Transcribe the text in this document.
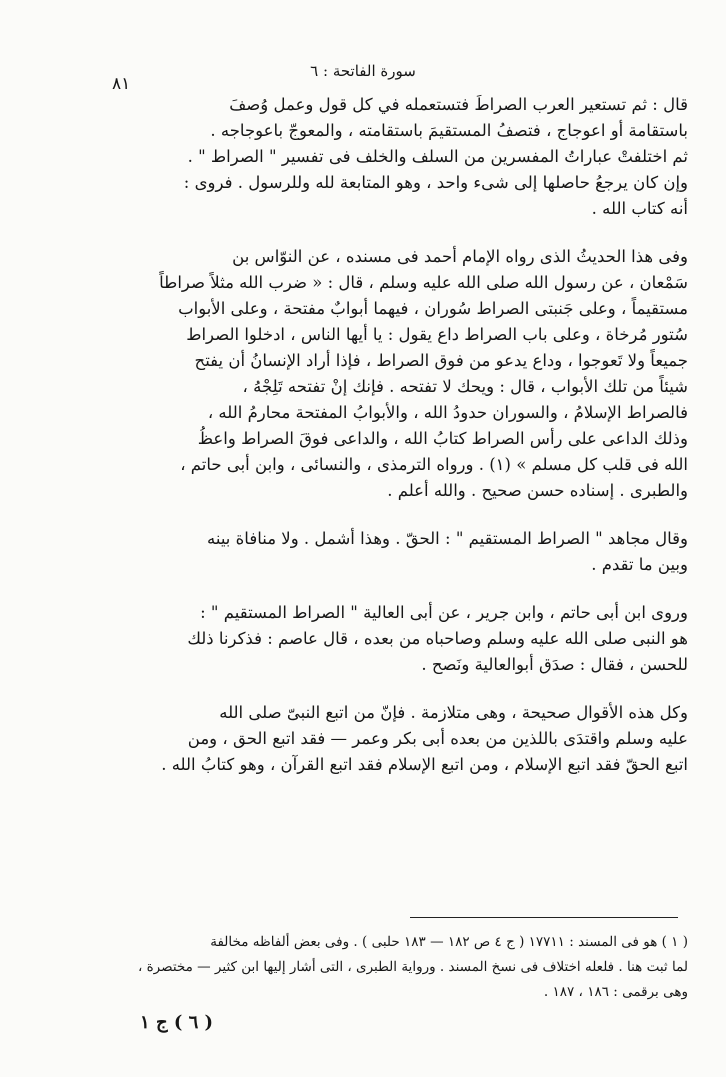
سورة الفاتحة : ٦
٨١
قال : ثم تستعير العرب الصراطَ فتستعمله في كل قول وعمل وُصفَ
باستقامة أو اعوجاج ، فتصفُ المستقيمَ باستقامته ، والمعوجّ باعوجاجه .
ثم اختلفتْ عباراتُ المفسرين من السلف والخلف فى تفسير " الصراط " .
وإن كان يرجعُ حاصلها إلى شىء واحد ، وهو المتابعة لله وللرسول . فروى :
أنه كتاب الله .
وفى هذا الحديثُ الذى رواه الإمام أحمد فى مسنده ، عن النوّاس بن
سَمْعان ، عن رسول الله صلى الله عليه وسلم ، قال : « ضرب الله مثلاً صراطاً
مستقيماً ، وعلى جَنبتى الصراط سُوران ، فيهما أبوابٌ مفتحة ، وعلى الأبواب
سُتور مُرخاة ، وعلى باب الصراط داع يقول : يا أيها الناس ، ادخلوا الصراط
جميعاً ولا تَعوجوا ، وداع يدعو من فوق الصراط ، فإذا أراد الإنسانُ أن يفتح
شيئاً من تلك الأبواب ، قال : ويحك لا تفتحه . فإنك إنْ تفتحه تَلِجْهُ ،
فالصراط الإسلامُ ، والسوران حدودُ الله ، والأبوابُ المفتحة محارمُ الله ،
وذلك الداعى على رأس الصراط كتابُ الله ، والداعى فوقَ الصراط واعظُ
الله فى قلب كل مسلم » (١) . ورواه الترمذى ، والنسائى ، وابن أبى حاتم ،
والطبرى . إسناده حسن صحيح . والله أعلم .
وقال مجاهد " الصراط المستقيم " : الحقّ . وهذا أشمل . ولا منافاة بينه
وبين ما تقدم .
وروى ابن أبى حاتم ، وابن جرير ، عن أبى العالية " الصراط المستقيم " :
هو النبى صلى الله عليه وسلم وصاحباه من بعده ، قال عاصم : فذكرنا ذلك
للحسن ، فقال : صدَق أبوالعالية ونَصح .
وكل هذه الأقوال صحيحة ، وهى متلازمة . فإنّ من اتبع النبىّ صلى الله
عليه وسلم واقتدَى باللذين من بعده أبى بكر وعمر — فقد اتبع الحق ، ومن
اتبع الحقّ فقد اتبع الإسلام ، ومن اتبع الإسلام فقد اتبع القرآن ، وهو كتابُ الله .
( ١ ) هو فى المسند : ١٧٧١١ ( ج ٤ ص ١٨٢ — ١٨٣ حلبى ) . وفى بعض ألفاظه مخالفة
لما ثبت هنا . فلعله اختلاف فى نسخ المسند . ورواية الطبرى ، التى أشار إليها ابن كثير — مختصرة ،
وهى برقمى : ١٨٦ ، ١٨٧ .
( ٦ ) ج ١
